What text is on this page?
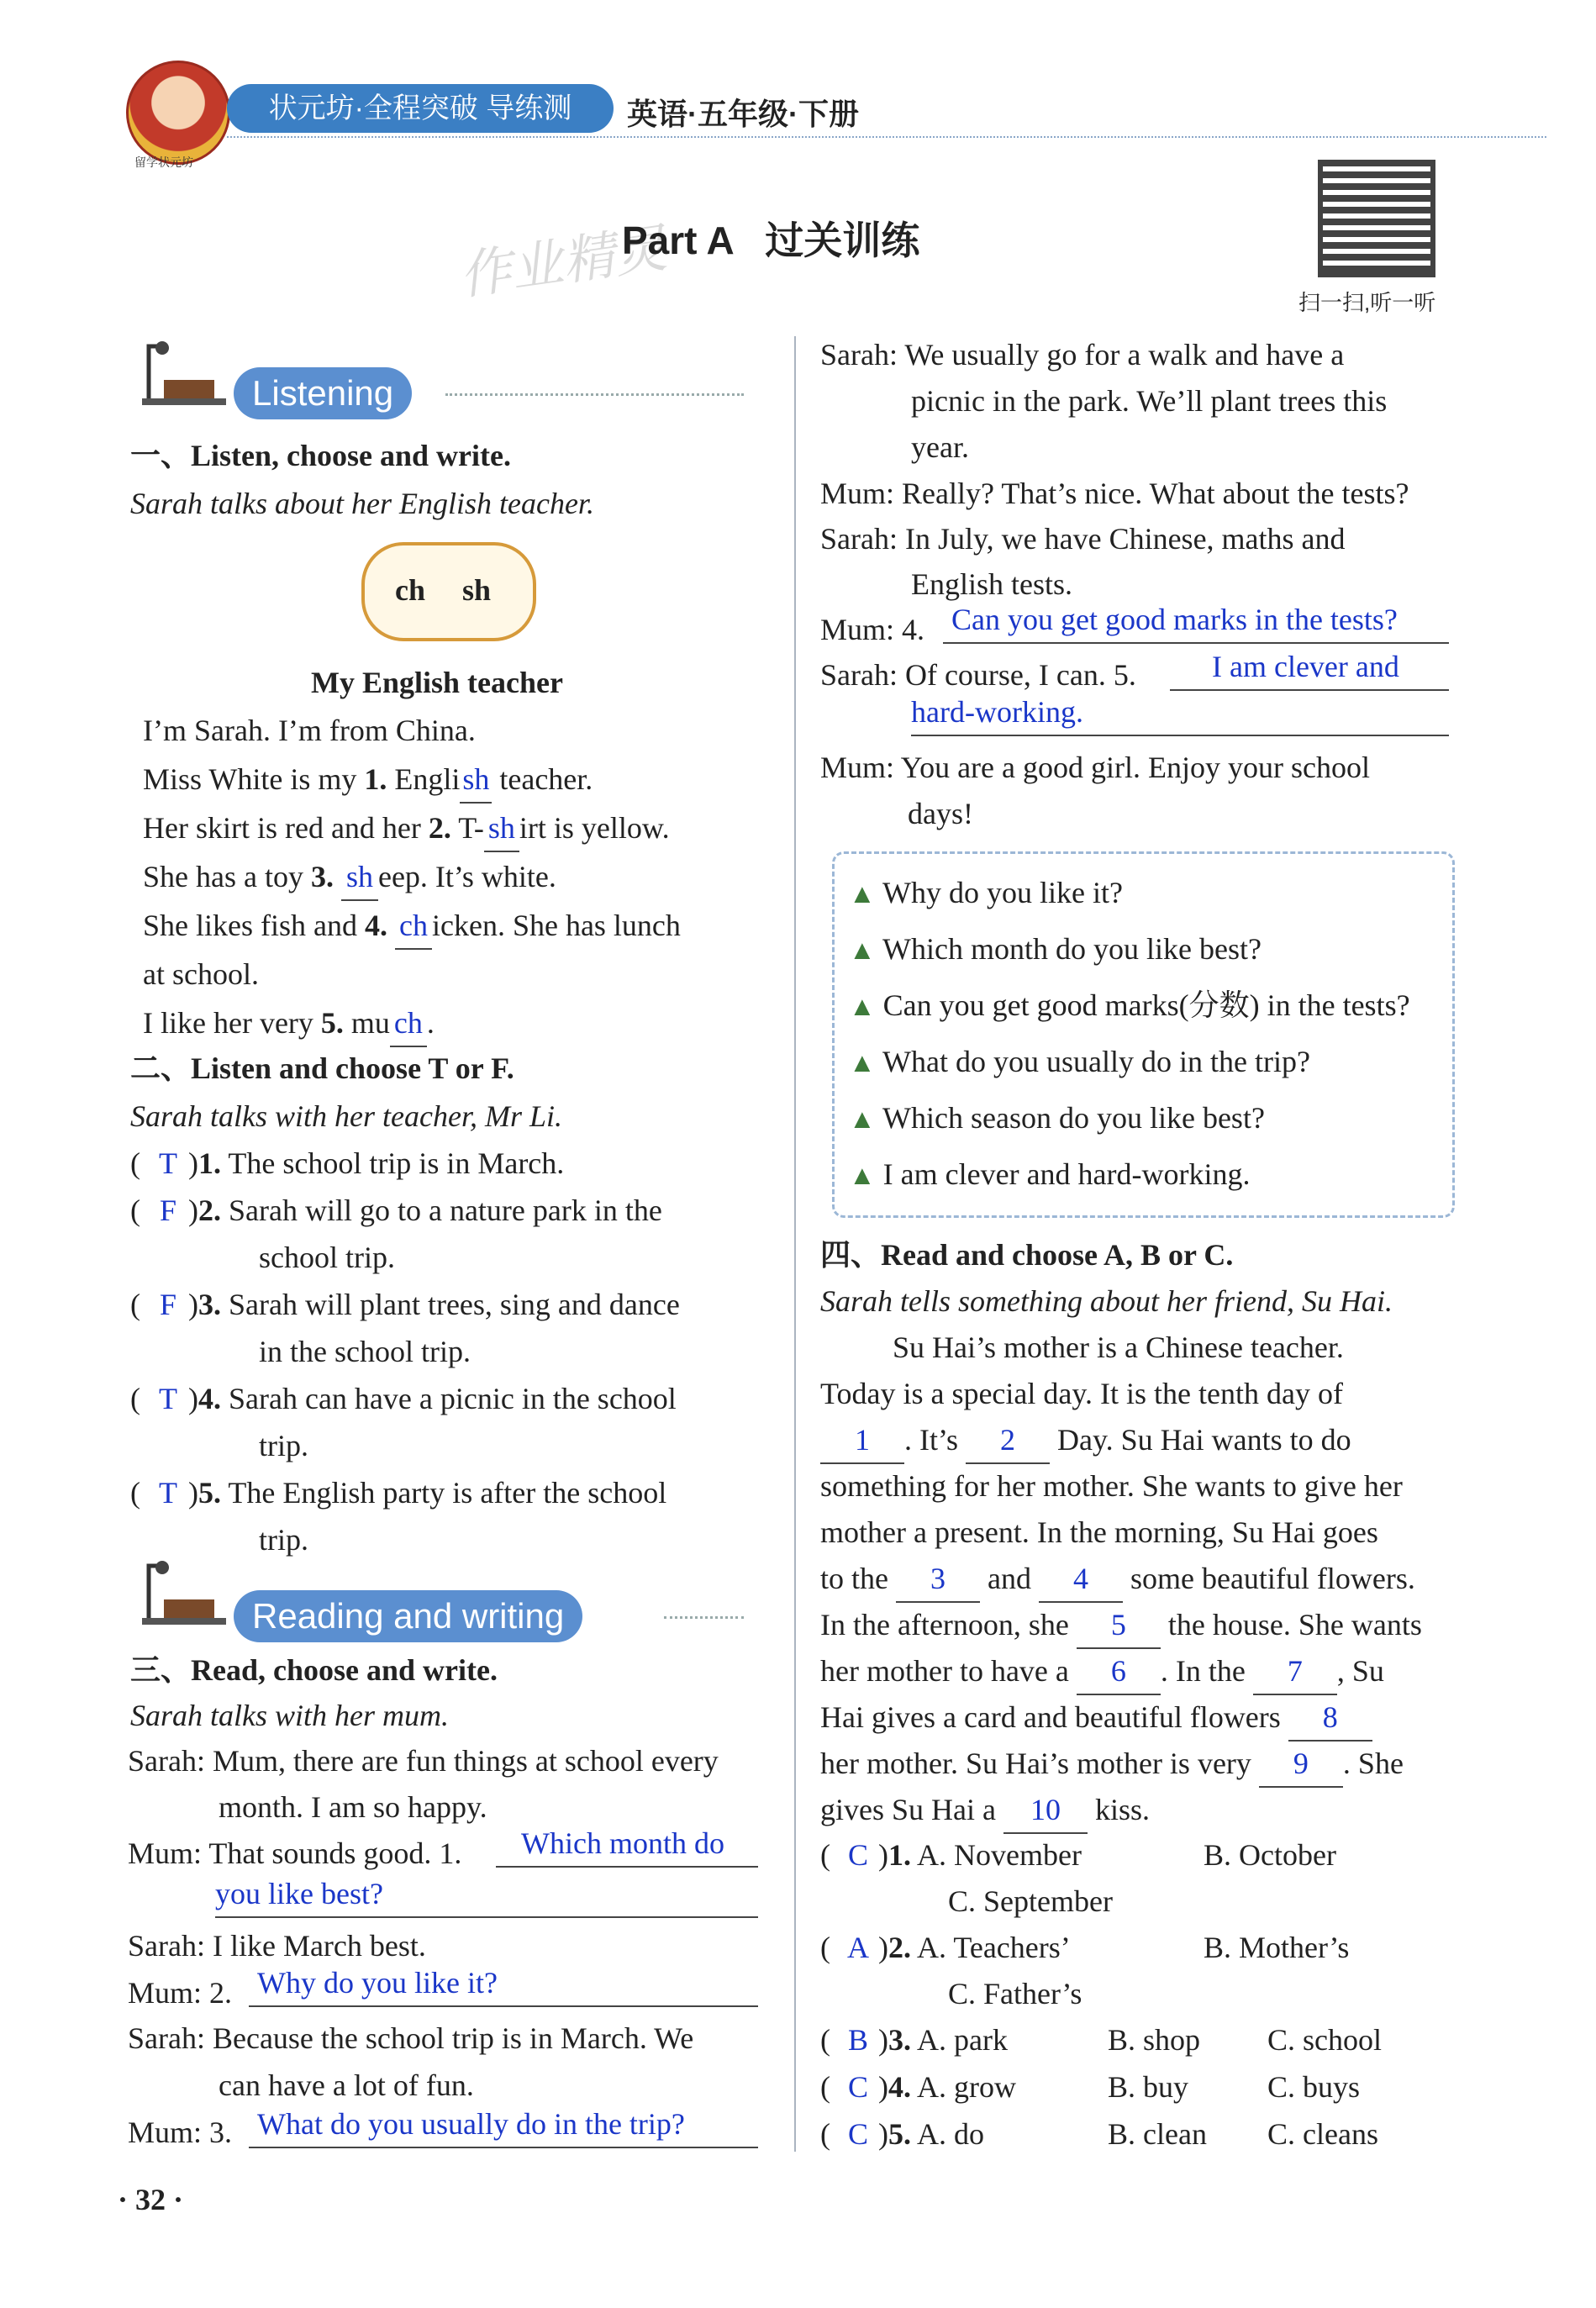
留学状元坊
状元坊·全程突破 导练测	英语·五年级·下册
扫一扫,听一听
作业精灵
Part A   过关训练
Listening
一、Listen, choose and write.
Sarah talks about her English teacher.
ch sh
My English teacher
I’m Sarah. I’m from China.
Miss White is my 1. English teacher.
Her skirt is red and her 2. T- sh irt is yellow.
She has a toy 3. sh eep. It’s white.
She likes fish and 4. ch icken. She has lunch
at school.
I like her very 5. mu ch .
二、Listen and choose T or F.
Sarah talks with her teacher, Mr Li.
( T )1. The school trip is in March.
( F )2. Sarah will go to a nature park in the
school trip.
( F )3. Sarah will plant trees, sing and dance
in the school trip.
( T )4. Sarah can have a picnic in the school
trip.
( T )5. The English party is after the school
trip.
Reading and writing
三、Read, choose and write.
Sarah talks with her mum.
Sarah: Mum, there are fun things at school every
month. I am so happy.
Mum: That sounds good. 1.	Which month do
you like best?
Sarah: I like March best.
Mum: 2. Why do you like it?
Sarah: Because the school trip is in March. We
can have a lot of fun.
Mum: 3. What do you usually do in the trip?
Sarah: We usually go for a walk and have a
picnic in the park. We’ll plant trees this
year.
Mum: Really? That’s nice. What about the tests?
Sarah: In July, we have Chinese, maths and
English tests.
Mum: 4. Can you get good marks in the tests?
Sarah: Of course, I can. 5.	I am clever and
hard-working.
Mum: You are a good girl. Enjoy your school
days!
▲ Why do you like it?
▲ Which month do you like best?
▲ Can you get good marks(分数) in the tests?
▲ What do you usually do in the trip?
▲ Which season do you like best?
▲ I am clever and hard-working.
四、Read and choose A, B or C.
Sarah tells something about her friend, Su Hai.
Su Hai’s mother is a Chinese teacher.
Today is a special day. It is the tenth day of
1 . It’s 2 Day. Su Hai wants to do
something for her mother. She wants to give her
mother a present. In the morning, Su Hai goes
to the 3 and 4 some beautiful flowers.
In the afternoon, she 5 the house. She wants
her mother to have a 6 . In the 7 , Su
Hai gives a card and beautiful flowers 8
her mother. Su Hai’s mother is very 9 . She
gives Su Hai a 10 kiss.
( C )1. A. November	B. October
C. September
( A )2. A. Teachers’	B. Mother’s
C. Father’s
( B )3. A. park	B. shop C. school
( C )4. A. grow	B. buy	C. buys
( C )5. A. do	B. clean C. cleans
· 32 ·
